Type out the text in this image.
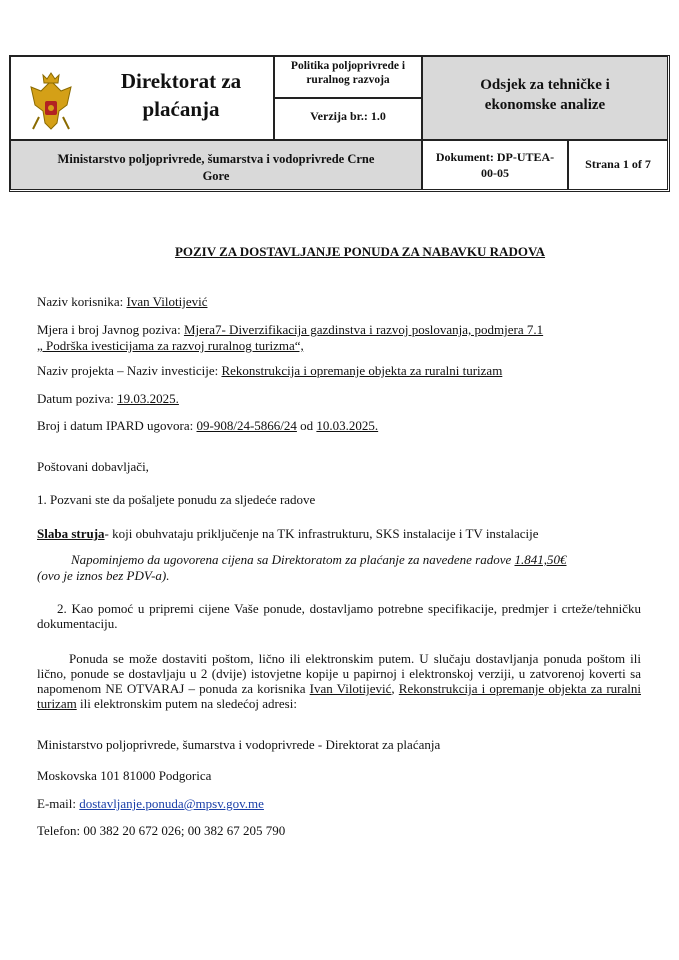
Direktorat za
plaćanja
Politika poljoprivrede i
ruralnog razvoja
Verzija br.: 1.0
Odsjek za tehničke i
ekonomske analize
Ministarstvo poljoprivrede, šumarstva i vodoprivrede Crne
Gore
Dokument: DP-UTEA-
00-05
Strana 1 of 7
POZIV ZA DOSTAVLJANJE PONUDA ZA NABAVKU RADOVA
Naziv korisnika: Ivan Vilotijević
Mjera i broj Javnog poziva: Mjera7- Diverzifikacija gazdinstva i razvoj poslovanja, podmjera 7.1
„ Podrška ivesticijama za razvoj ruralnog turizma“,
Naziv projekta – Naziv investicije: Rekonstrukcija i opremanje objekta za ruralni turizam
Datum poziva: 19.03.2025.
Broj i datum IPARD ugovora: 09-908/24-5866/24 od 10.03.2025.
Poštovani dobavljači,
1. Pozvani ste da pošaljete ponudu za sljedeće radove
Slaba struja- koji obuhvataju priključenje na TK infrastrukturu, SKS instalacije i TV instalacije
Napominjemo da ugovorena cijena sa Direktoratom za plaćanje za navedene radove 1.841,50€
(ovo je iznos bez PDV-a).
2. Kao pomoć u pripremi cijene Vaše ponude, dostavljamo potrebne specifikacije, predmjer i crteže/tehničku dokumentaciju.
Ponuda se može dostaviti poštom, lično ili elektronskim putem. U slučaju dostavljanja ponuda poštom ili lično, ponude se dostavljaju u 2 (dvije) istovjetne kopije u papirnoj i elektronskoj verziji, u zatvorenoj koverti sa napomenom NE OTVARAJ – ponuda za korisnika Ivan Vilotijević, Rekonstrukcija i opremanje objekta za ruralni turizam ili elektronskim putem na sledećoj adresi:
Ministarstvo poljoprivrede, šumarstva i vodoprivrede - Direktorat za plaćanja
Moskovska 101 81000 Podgorica
E-mail: dostavljanje.ponuda@mpsv.gov.me
Telefon: 00 382 20 672 026; 00 382 67 205 790
